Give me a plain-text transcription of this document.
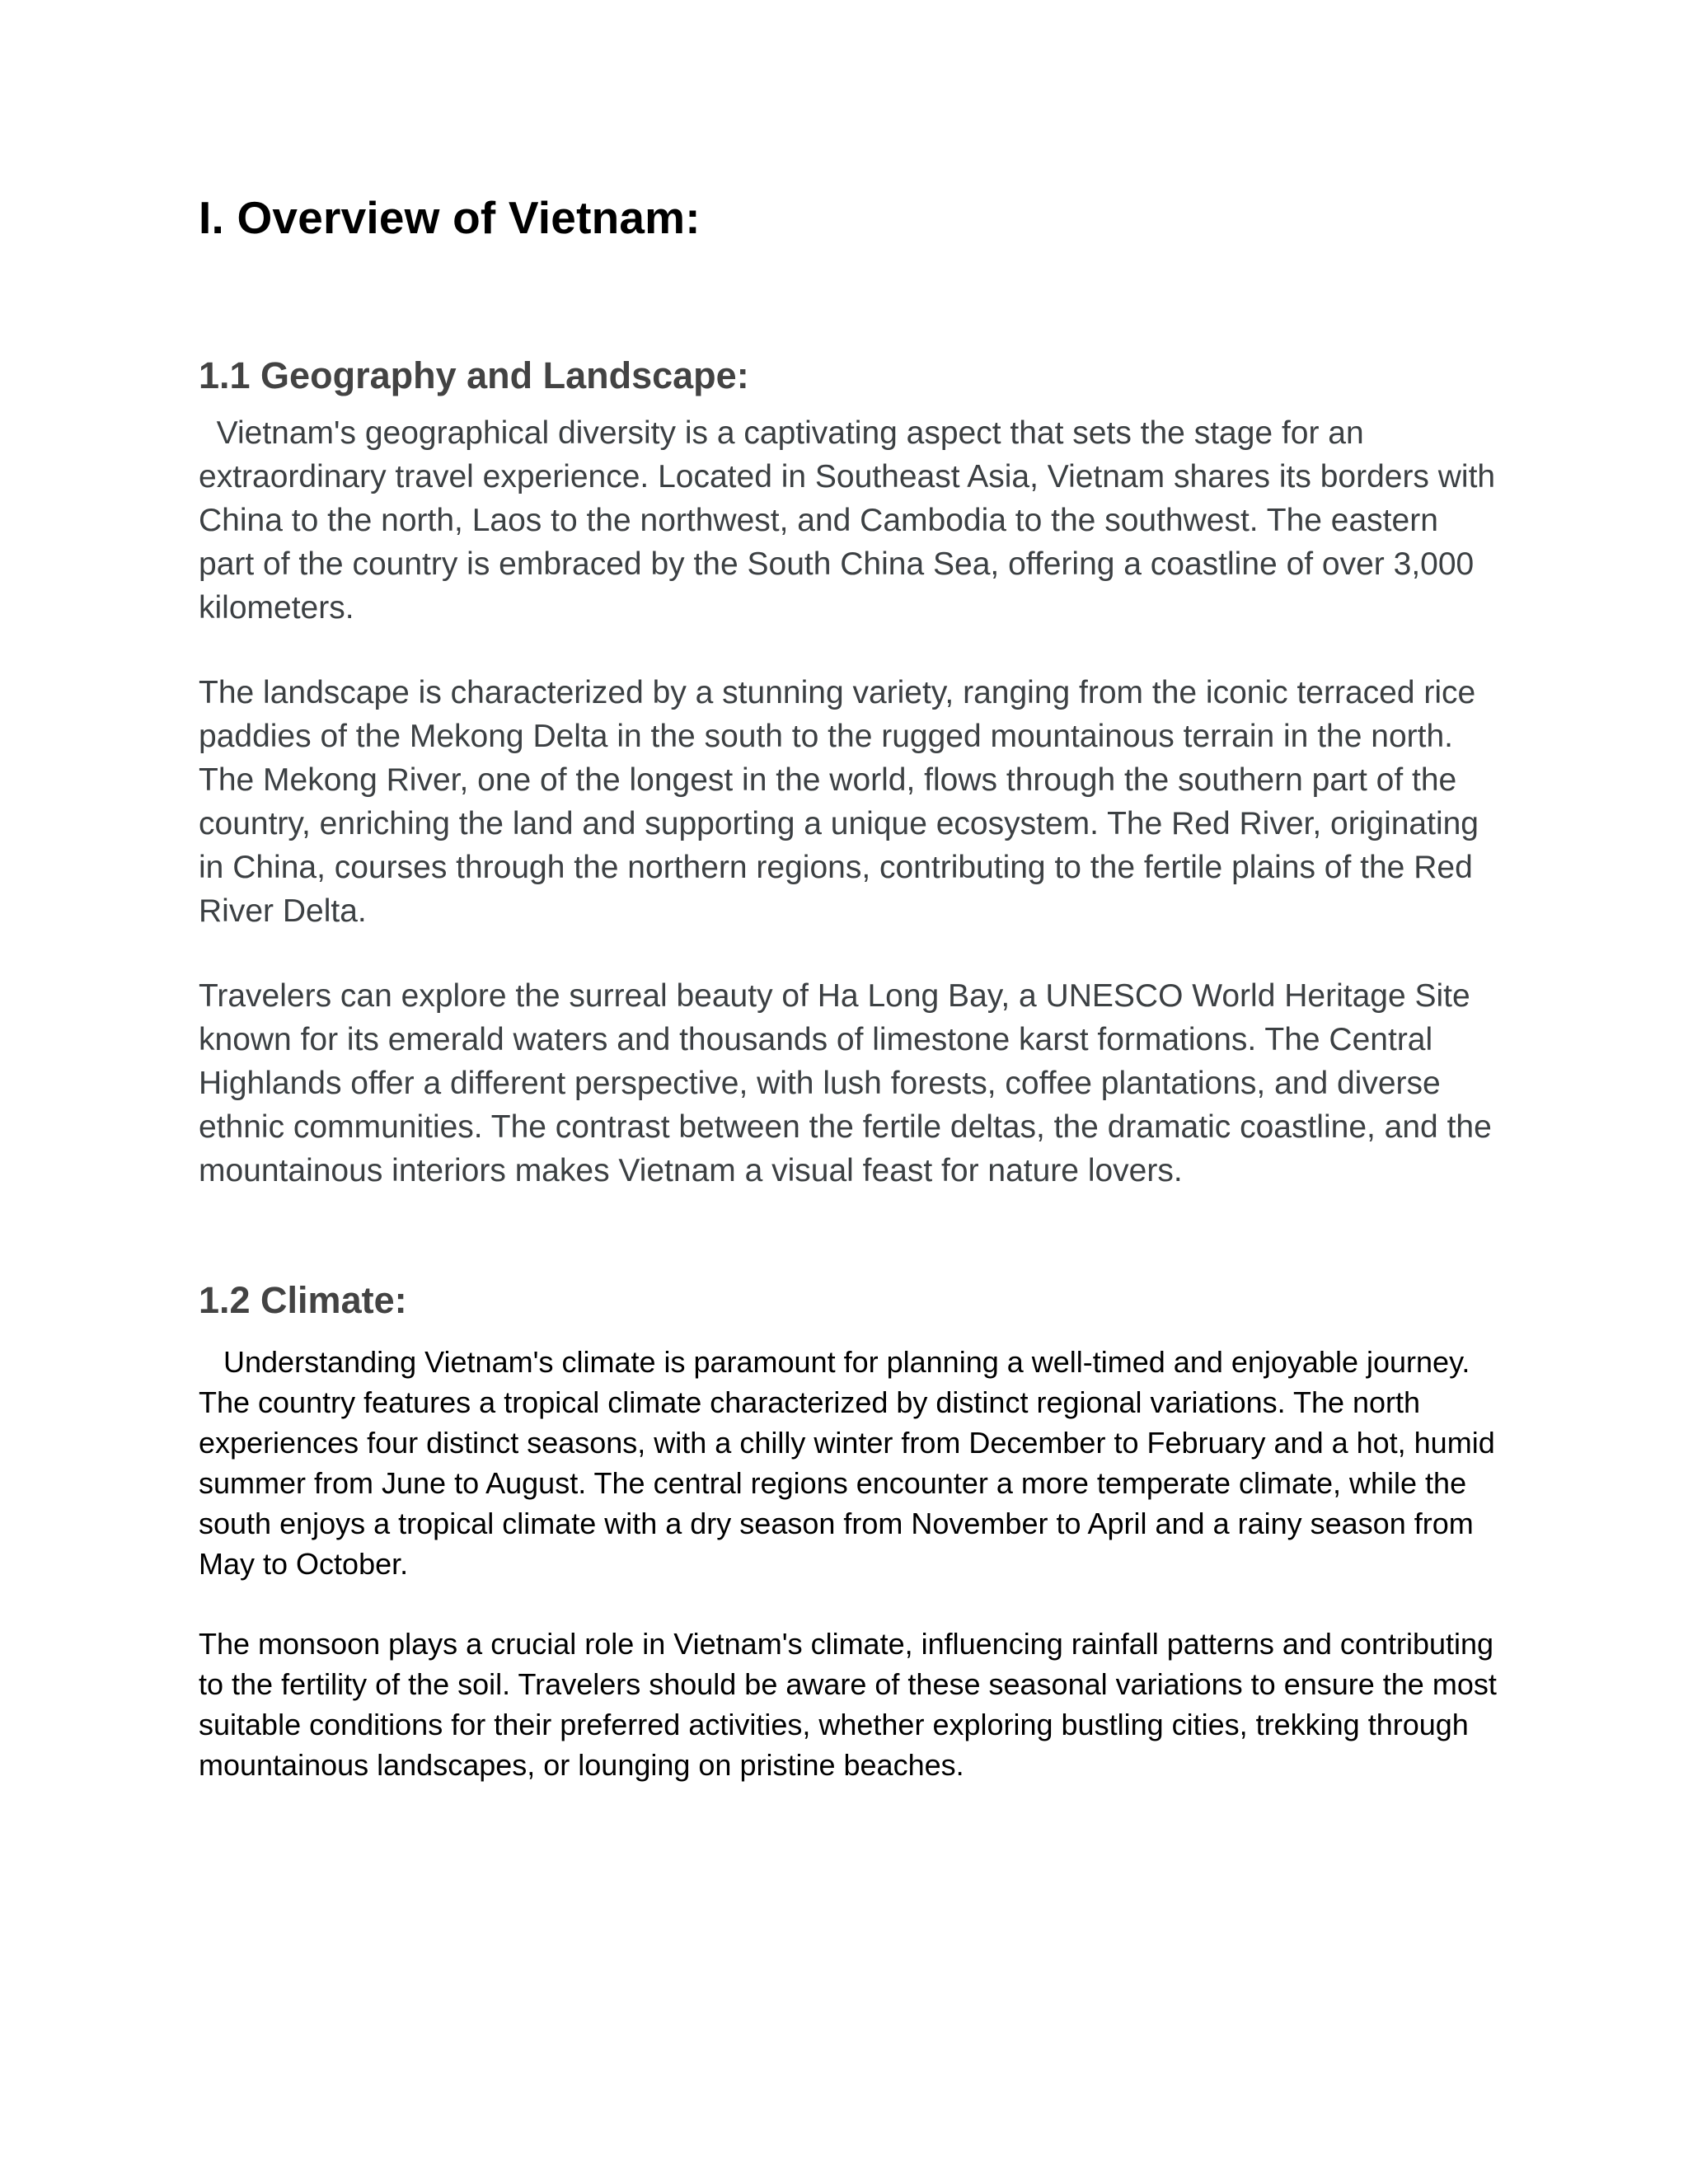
I. Overview of Vietnam:
1.1 Geography and Landscape:

Vietnam's geographical diversity is a captivating aspect that sets the stage for an extraordinary travel experience. Located in Southeast Asia, Vietnam shares its borders with China to the north, Laos to the northwest, and Cambodia to the southwest. The eastern part of the country is embraced by the South China Sea, offering a coastline of over 3,000 kilometers.

The landscape is characterized by a stunning variety, ranging from the iconic terraced rice paddies of the Mekong Delta in the south to the rugged mountainous terrain in the north. The Mekong River, one of the longest in the world, flows through the southern part of the country, enriching the land and supporting a unique ecosystem. The Red River, originating in China, courses through the northern regions, contributing to the fertile plains of the Red River Delta.

Travelers can explore the surreal beauty of Ha Long Bay, a UNESCO World Heritage Site known for its emerald waters and thousands of limestone karst formations. The Central Highlands offer a different perspective, with lush forests, coffee plantations, and diverse ethnic communities. The contrast between the fertile deltas, the dramatic coastline, and the mountainous interiors makes Vietnam a visual feast for nature lovers.

1.2 Climate:

Understanding Vietnam's climate is paramount for planning a well-timed and enjoyable journey. The country features a tropical climate characterized by distinct regional variations. The north experiences four distinct seasons, with a chilly winter from December to February and a hot, humid summer from June to August. The central regions encounter a more temperate climate, while the south enjoys a tropical climate with a dry season from November to April and a rainy season from May to October.

The monsoon plays a crucial role in Vietnam's climate, influencing rainfall patterns and contributing to the fertility of the soil. Travelers should be aware of these seasonal variations to ensure the most suitable conditions for their preferred activities, whether exploring bustling cities, trekking through mountainous landscapes, or lounging on pristine beaches.
